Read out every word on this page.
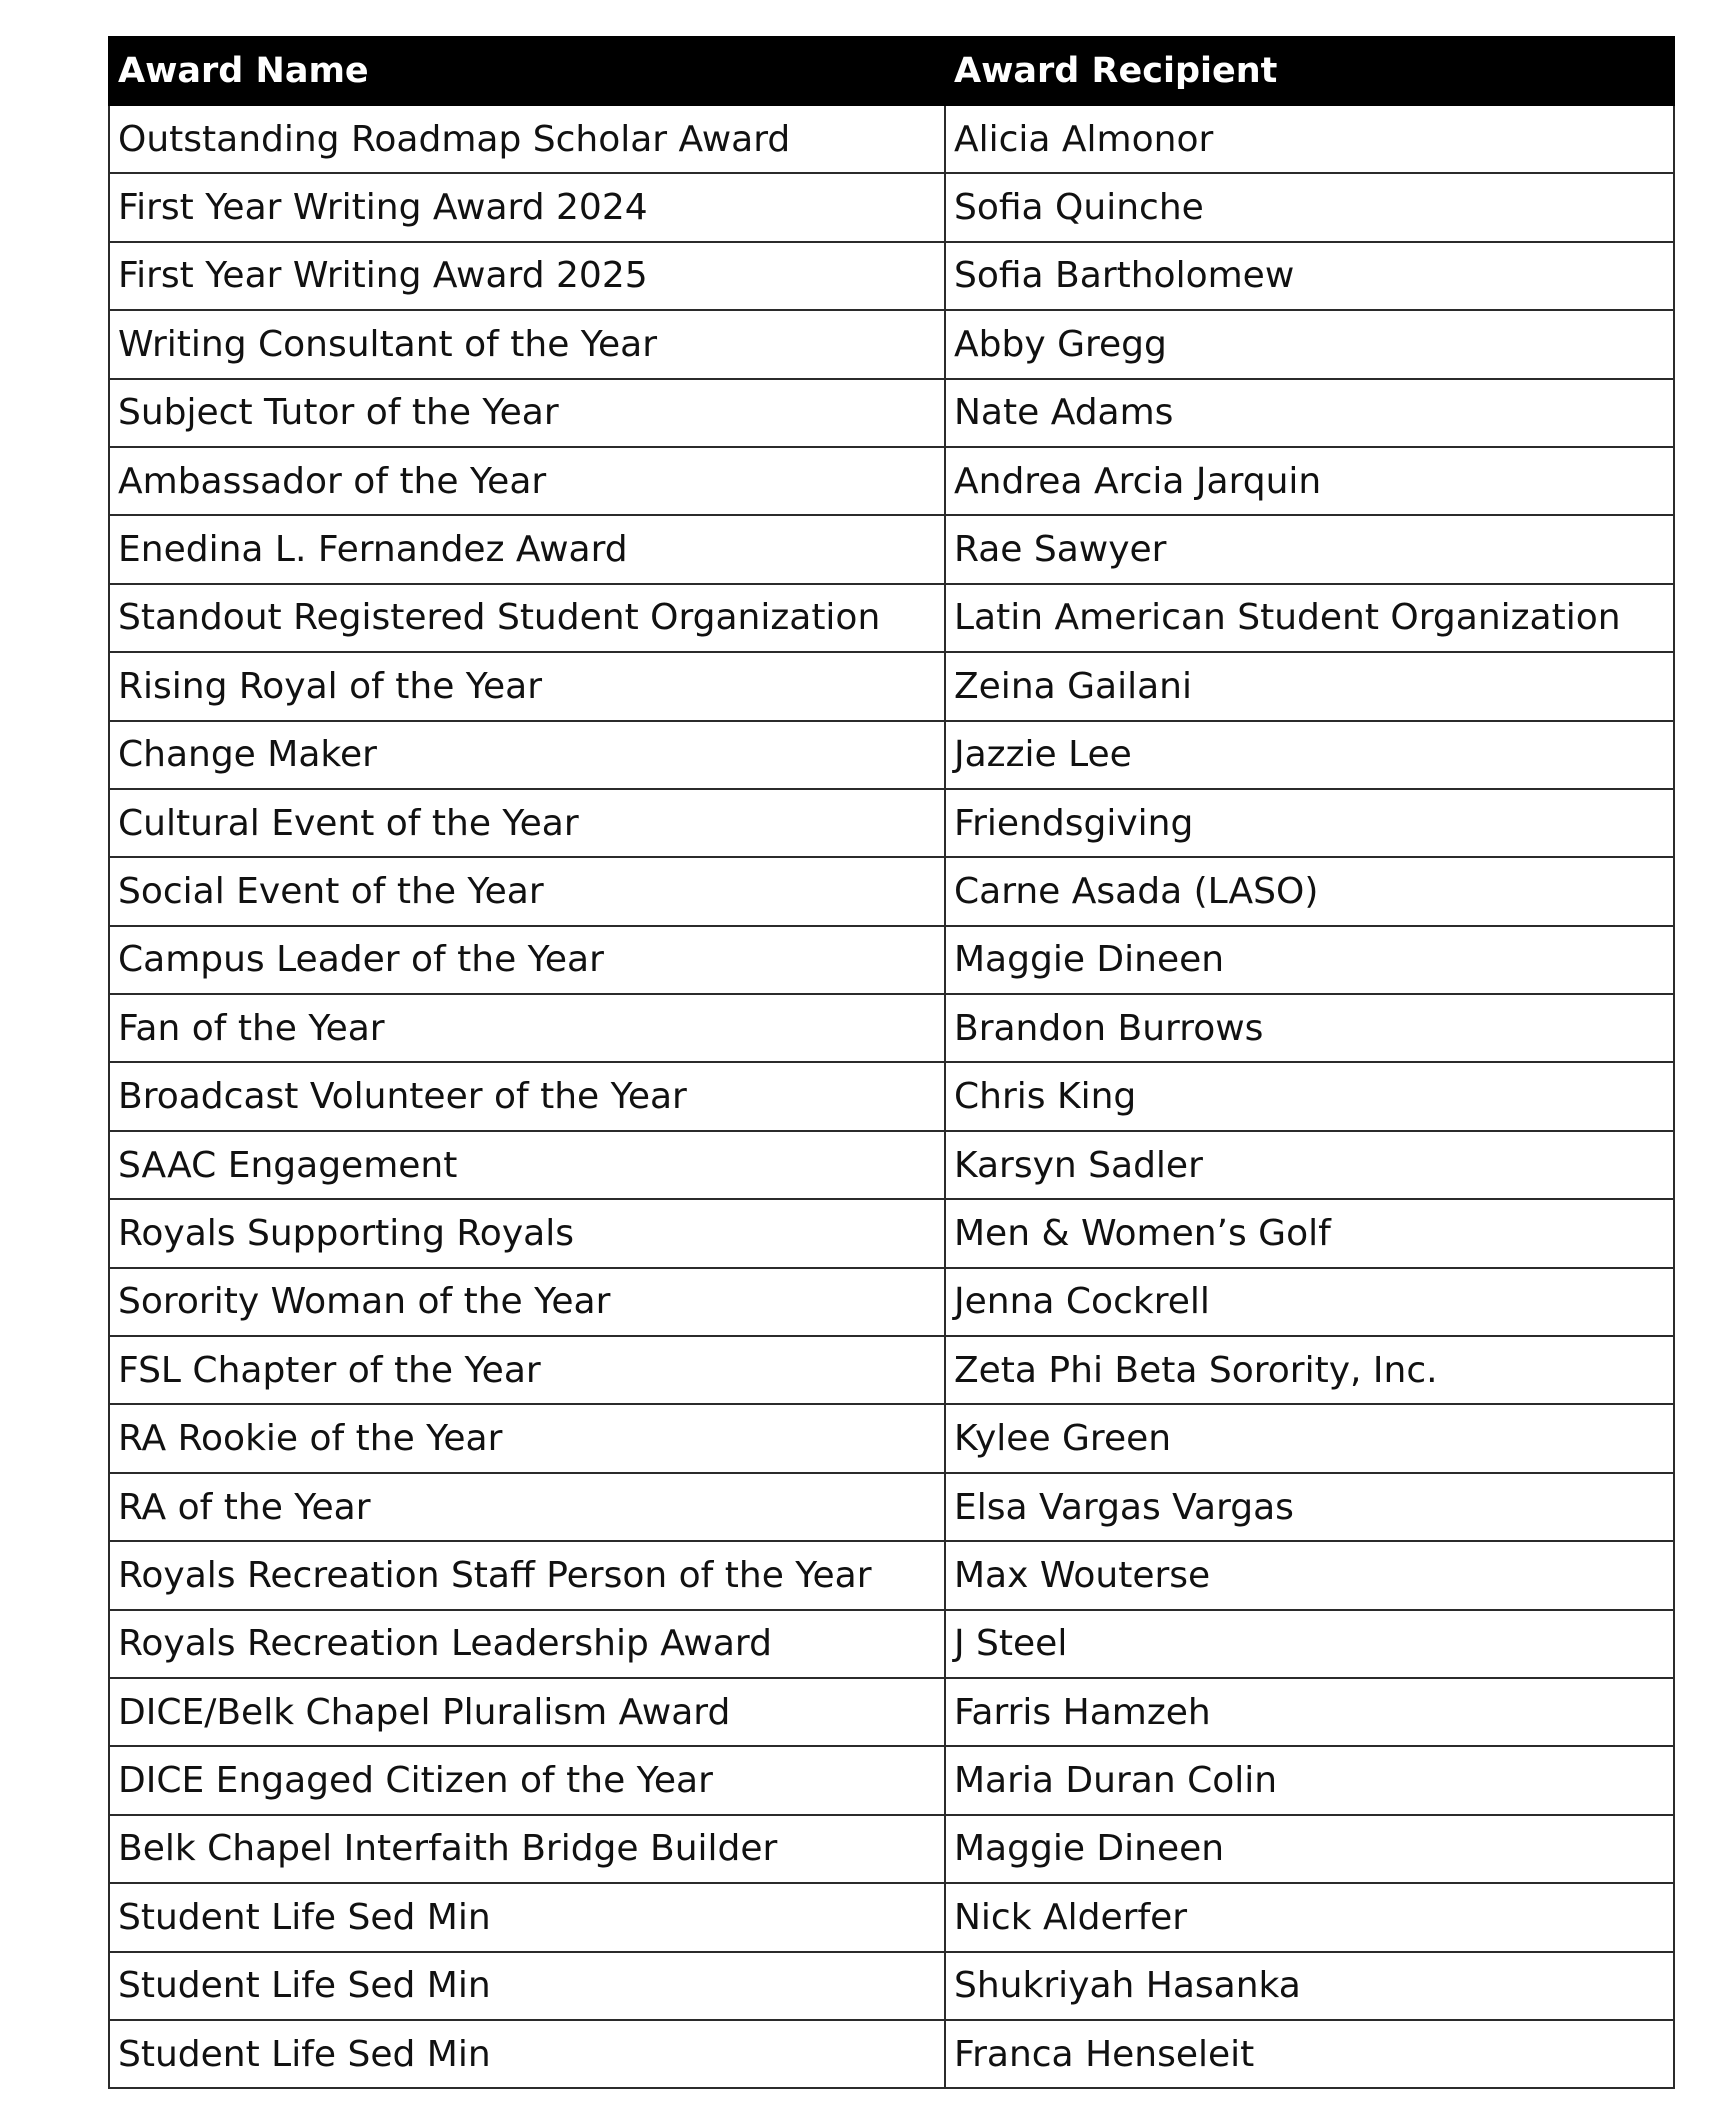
Award Name	Award Recipient
Outstanding Roadmap Scholar Award	Alicia Almonor
First Year Writing Award 2024	Sofia Quinche
First Year Writing Award 2025	Sofia Bartholomew
Writing Consultant of the Year	Abby Gregg
Subject Tutor of the Year	Nate Adams
Ambassador of the Year	Andrea Arcia Jarquin
Enedina L. Fernandez Award	Rae Sawyer
Standout Registered Student Organization	Latin American Student Organization
Rising Royal of the Year	Zeina Gailani
Change Maker	Jazzie Lee
Cultural Event of the Year	Friendsgiving
Social Event of the Year	Carne Asada (LASO)
Campus Leader of the Year	Maggie Dineen
Fan of the Year	Brandon Burrows
Broadcast Volunteer of the Year	Chris King
SAAC Engagement	Karsyn Sadler
Royals Supporting Royals	Men & Women’s Golf
Sorority Woman of the Year	Jenna Cockrell
FSL Chapter of the Year	Zeta Phi Beta Sorority, Inc.
RA Rookie of the Year	Kylee Green
RA of the Year	Elsa Vargas Vargas
Royals Recreation Staff Person of the Year	Max Wouterse
Royals Recreation Leadership Award	J Steel
DICE/Belk Chapel Pluralism Award	Farris Hamzeh
DICE Engaged Citizen of the Year	Maria Duran Colin
Belk Chapel Interfaith Bridge Builder	Maggie Dineen
Student Life Sed Min	Nick Alderfer
Student Life Sed Min	Shukriyah Hasanka
Student Life Sed Min	Franca Henseleit
